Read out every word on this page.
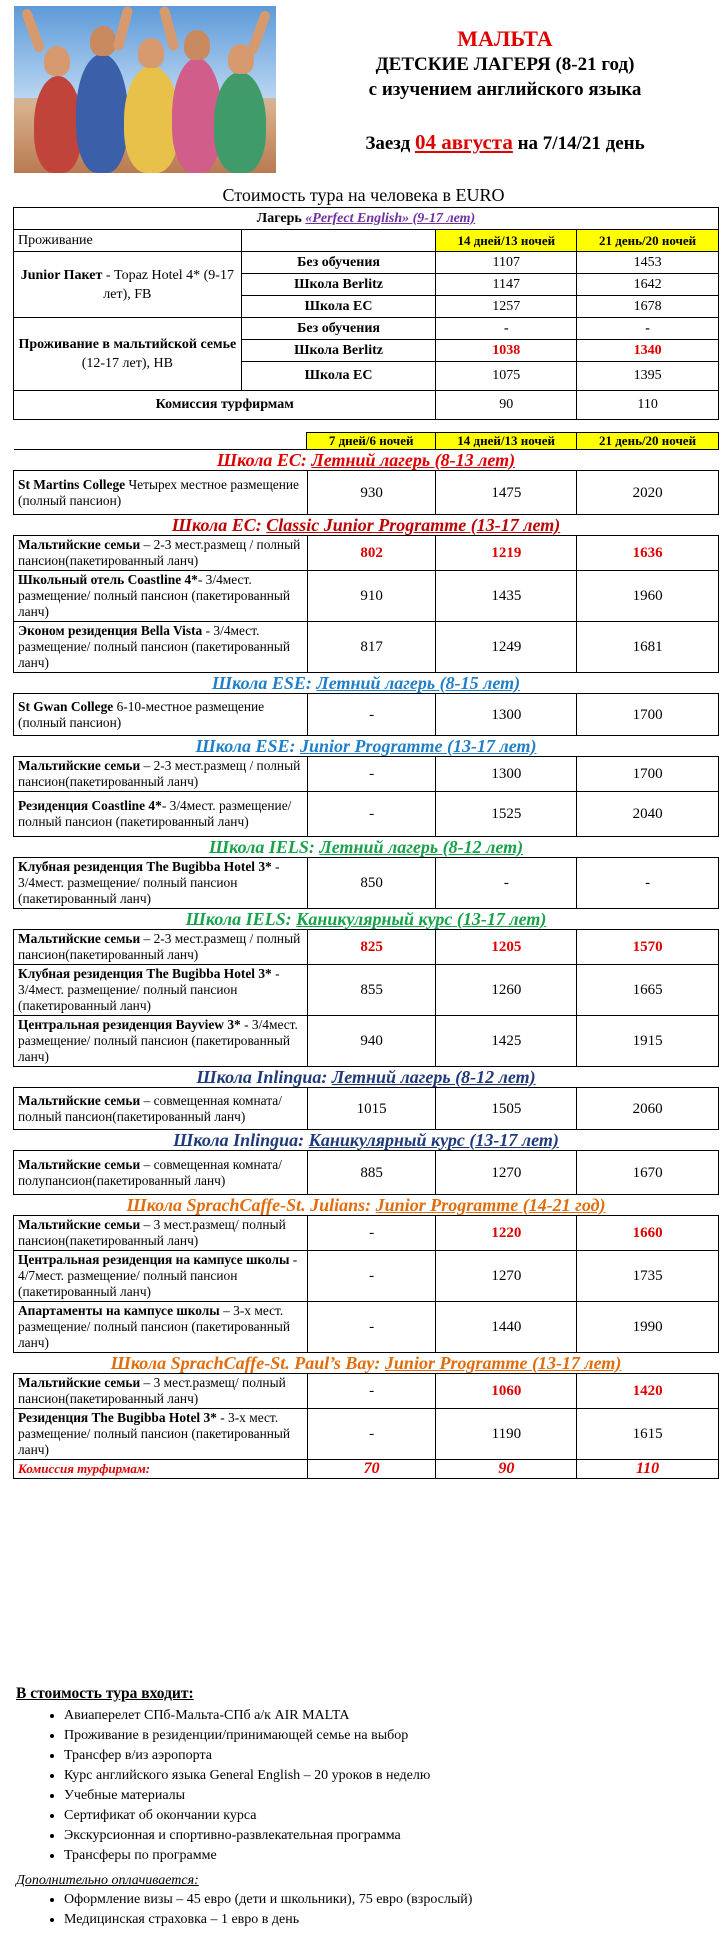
МАЛЬТА

ДЕТСКИЕ ЛАГЕРЯ (8-21 год)
с изучением английского языка
Заезд 04 августа на 7/14/21 день
Стоимость тура на человека в EURO
Лагерь «Perfect English» (9-17 лет)			
Проживание		14 дней/13 ночей	21 день/20 ночей
Junior Пакет - Topaz Hotel 4* (9-17 лет), FB	Без обучения	1107	1453
	Школа Berlitz	1147	1642
	Школа EC	1257	1678
Проживание в мальтийской семье (12-17 лет), HB	Без обучения	-	-
	Школа Berlitz	1038	1340
	Школа EC	1075	1395
Комиссия турфирмам		90	110
	7 дней/6 ночей	14 дней/13 ночей	21 день/20 ночей
Школа EC: Летний лагерь (8-13 лет)			
St Martins College Четырех местное размещение (полный пансион)	930	1475	2020
Школа EC: Classic Junior Programme (13-17 лет)			
Мальтийские семьи – 2-3 мест.размещ / полный пансион(пакетированный ланч)	802	1219	1636
Школьный отель Coastline 4*- 3/4мест. размещение/ полный пансион (пакетированный ланч)	910	1435	1960
Эконом резиденция Bella Vista - 3/4мест. размещение/ полный пансион (пакетированный ланч)	817	1249	1681
Школа ESE: Летний лагерь (8-15 лет)			
St Gwan College 6-10-местное размещение (полный пансион)	-	1300	1700
Школа ESE: Junior Programme (13-17 лет)			
Мальтийские семьи – 2-3 мест.размещ / полный пансион(пакетированный ланч)	-	1300	1700
Резиденция Coastline 4*- 3/4мест. размещение/ полный пансион (пакетированный ланч)	-	1525	2040
Школа IELS: Летний лагерь (8-12 лет)			
Клубная резиденция The Bugibba Hotel 3* - 3/4мест. размещение/ полный пансион (пакетированный ланч)	850	-	-
Школа IELS: Каникулярный курс (13-17 лет)			
Мальтийские семьи – 2-3 мест.размещ / полный пансион(пакетированный ланч)	825	1205	1570
Клубная резиденция The Bugibba Hotel 3* - 3/4мест. размещение/ полный пансион (пакетированный ланч)	855	1260	1665
Центральная резиденция Bayview 3* - 3/4мест. размещение/ полный пансион (пакетированный ланч)	940	1425	1915
Школа Inlingua: Летний лагерь (8-12 лет)			
Мальтийские семьи – совмещенная комната/ полный пансион(пакетированный ланч)	1015	1505	2060
Школа Inlingua: Каникулярный курс (13-17 лет)			
Мальтийские семьи – совмещенная комната/ полупансион(пакетированный ланч)	885	1270	1670
Школа SprachCaffe-St. Julians: Junior Programme (14-21 год)			
Мальтийские семьи – 3 мест.размещ/ полный пансион(пакетированный ланч)	-	1220	1660
Центральная резиденция на кампусе школы - 4/7мест. размещение/ полный пансион (пакетированный ланч)	-	1270	1735
Апартаменты на кампусе школы – 3-х мест. размещение/ полный пансион (пакетированный ланч)	-	1440	1990
Школа SprachCaffe-St. Paul’s Bay: Junior Programme (13-17 лет)			
Мальтийские семьи – 3 мест.размещ/ полный пансион(пакетированный ланч)	-	1060	1420
Резиденция The Bugibba Hotel 3* - 3-х мест. размещение/ полный пансион (пакетированный ланч)	-	1190	1615
Комиссия турфирмам:	70	90	110
В стоимость тура входит:
• Авиаперелет СПб-Мальта-СПб а/к AIR MALTA
• Проживание в резиденции/принимающей семье на выбор
• Трансфер в/из аэропорта
• Курс английского языка General English – 20 уроков в неделю
• Учебные материалы
• Сертификат об окончании курса
• Экскурсионная и спортивно-развлекательная программа
• Трансферы по программе
Дополнительно оплачивается:
• Оформление визы – 45 евро (дети и школьники), 75 евро (взрослый)
• Медицинская страховка – 1 евро в день
